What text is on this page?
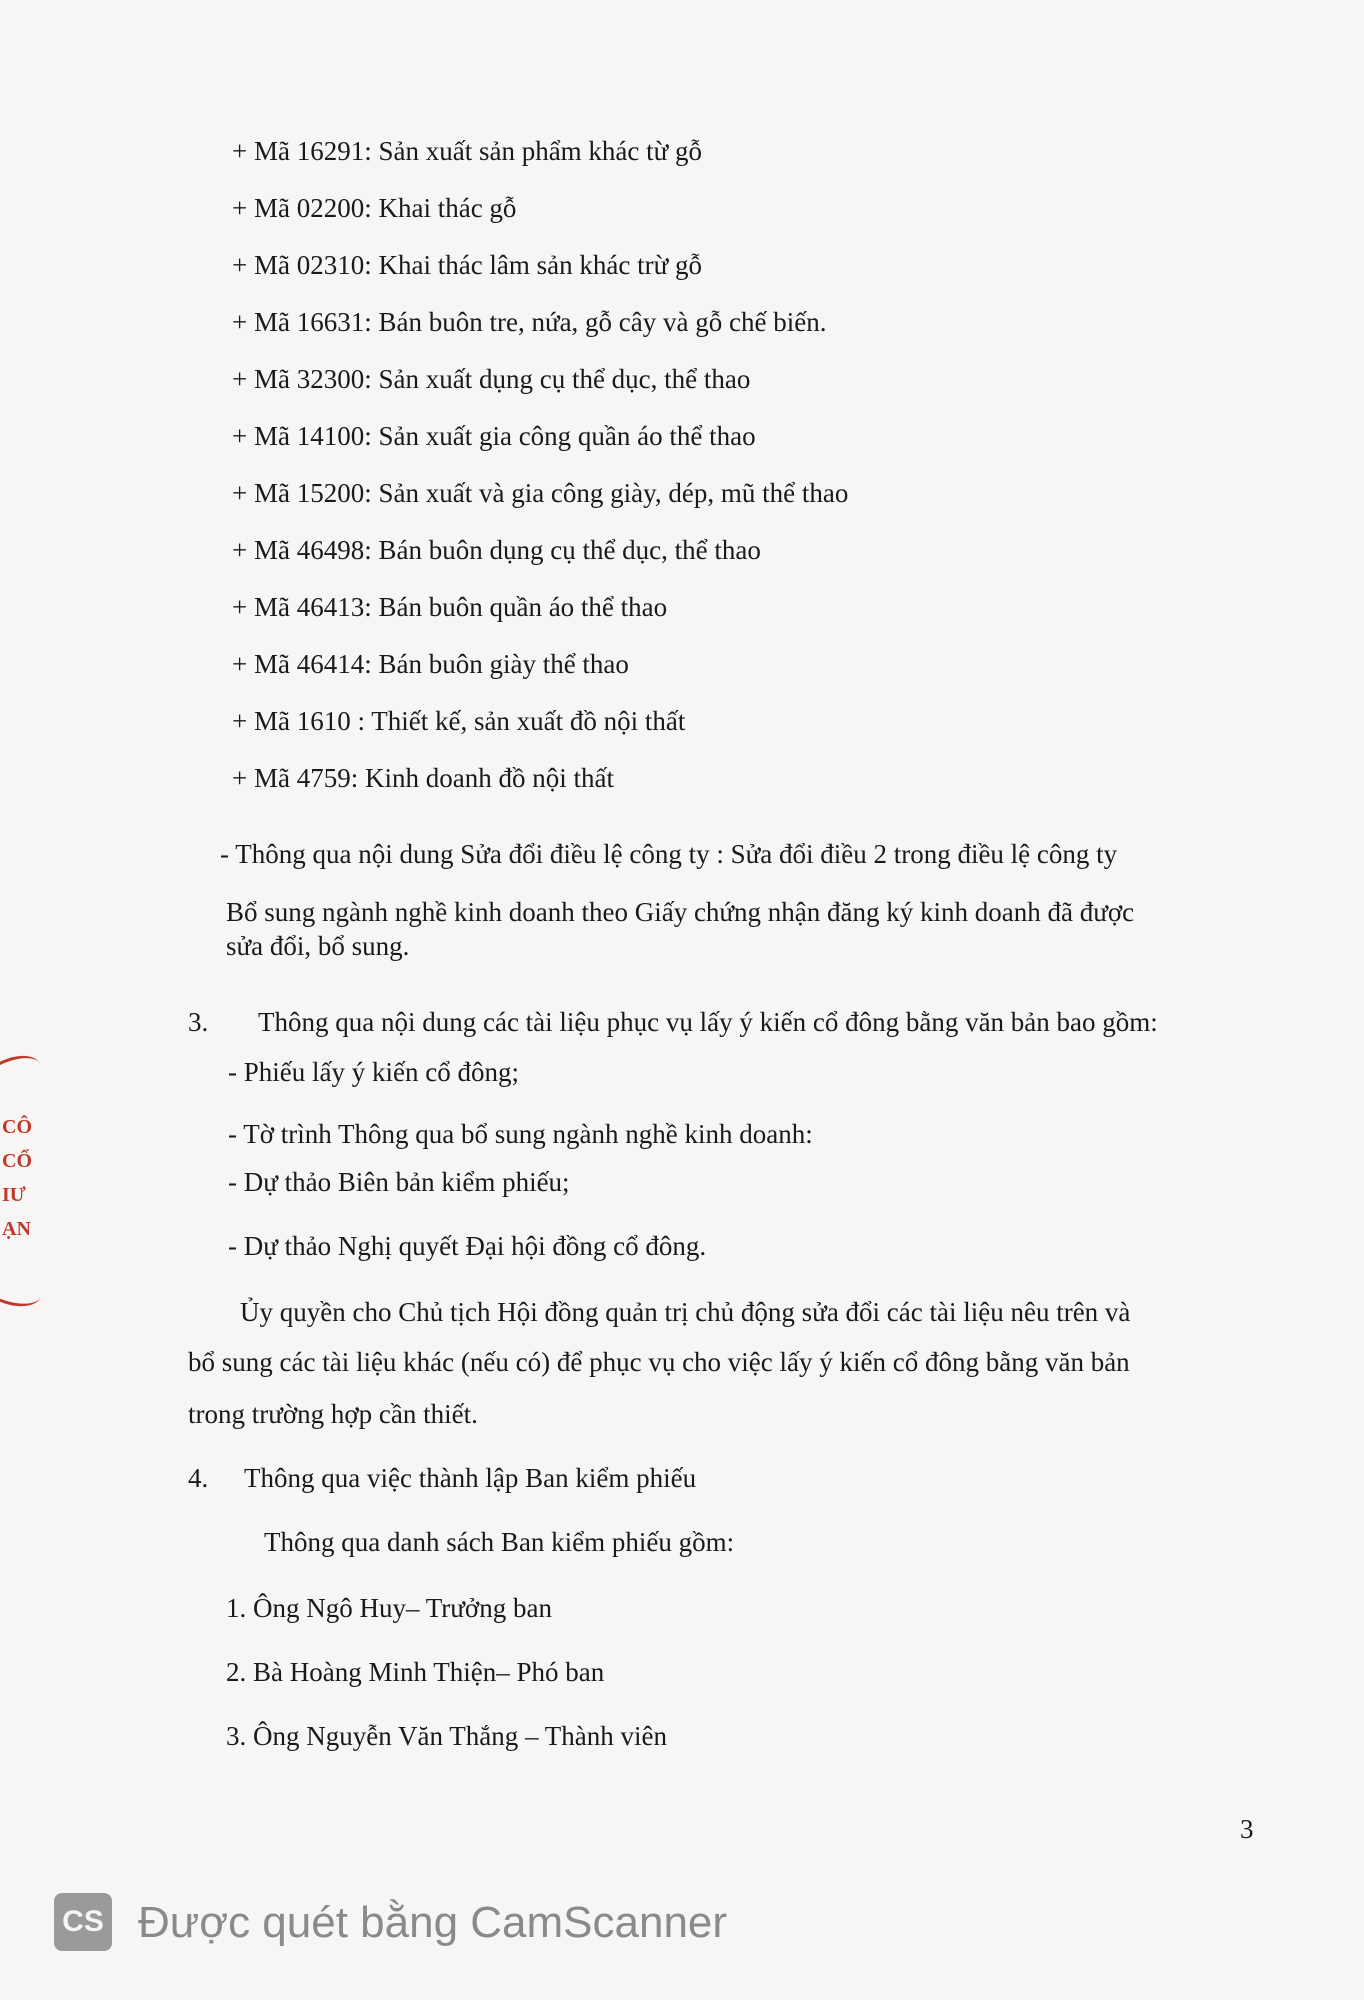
+ Mã 16291: Sản xuất sản phẩm khác từ gỗ
+ Mã 02200: Khai thác gỗ
+ Mã 02310: Khai thác lâm sản khác trừ gỗ
+ Mã 16631: Bán buôn tre, nứa, gỗ cây và gỗ chế biến.
+ Mã 32300: Sản xuất dụng cụ thể dục, thể thao
+ Mã 14100: Sản xuất gia công quần áo thể thao
+ Mã 15200: Sản xuất và gia công giày, dép, mũ thể thao
+ Mã 46498: Bán buôn dụng cụ thể dục, thể thao
+ Mã 46413: Bán buôn quần áo thể thao
+ Mã 46414: Bán buôn giày thể thao
+ Mã 1610 : Thiết kế, sản xuất đồ nội thất
+ Mã 4759: Kinh doanh đồ nội thất
- Thông qua nội dung Sửa đổi điều lệ công ty : Sửa đổi điều 2 trong điều lệ công ty
Bổ sung ngành nghề kinh doanh theo Giấy chứng nhận đăng ký kinh doanh đã được
sửa đổi, bổ sung.
3. Thông qua nội dung các tài liệu phục vụ lấy ý kiến cổ đông bằng văn bản bao gồm:
- Phiếu lấy ý kiến cổ đông;
- Tờ trình Thông qua bổ sung ngành nghề kinh doanh:
- Dự thảo Biên bản kiểm phiếu;
- Dự thảo Nghị quyết Đại hội đồng cổ đông.
Ủy quyền cho Chủ tịch Hội đồng quản trị chủ động sửa đổi các tài liệu nêu trên và
bổ sung các tài liệu khác (nếu có) để phục vụ cho việc lấy ý kiến cổ đông bằng văn bản
trong trường hợp cần thiết.
4. Thông qua việc thành lập Ban kiểm phiếu
Thông qua danh sách Ban kiểm phiếu gồm:
1. Ông Ngô Huy– Trưởng ban
2. Bà Hoàng Minh Thiện– Phó ban
3. Ông Nguyễn Văn Thắng – Thành viên
3
CÔ
CỔ
IƯ
ẠN
CS Được quét bằng CamScanner
